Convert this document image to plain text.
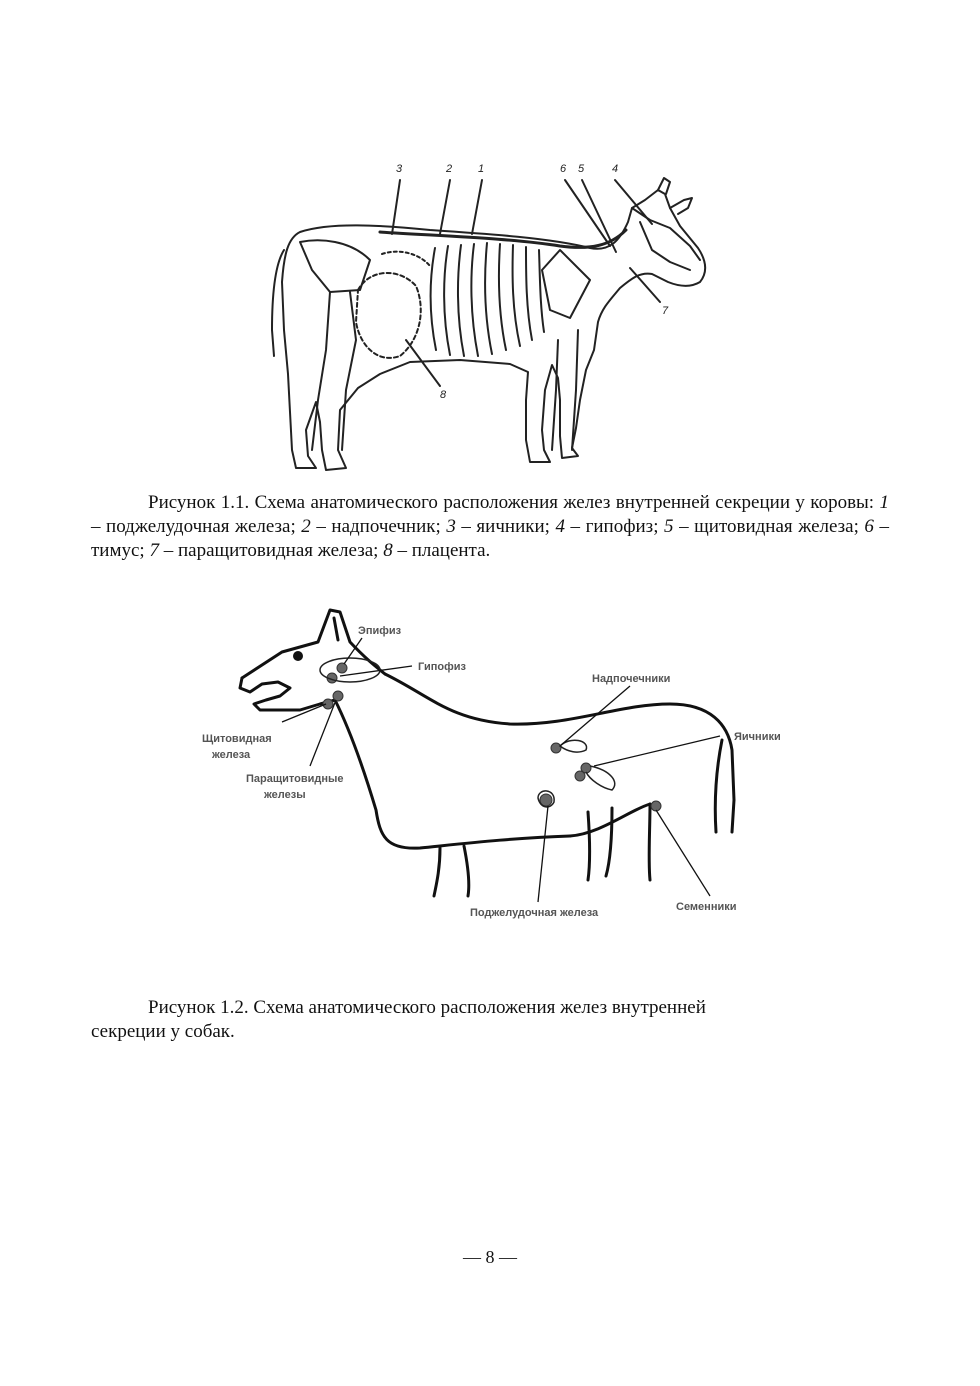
3	2 1	6 5	4
7
8

Рисунок 1.1. Схема анатомического расположения желез внутренней секреции у коровы: 1 – поджелудочная железа; 2 – надпочечник; 3 – яичники; 4 – гипофиз; 5 – щитовидная железа; 6 – тимус; 7 – паращитовидная железа; 8 – плацента.

Эпифиз
Гипофиз
Надпочечники
Щитовидная
железа
Яичники
Паращитовидные
железы
Поджелудочная железа	Семенники

Рисунок 1.2. Схема анатомического расположения желез внутренней
секреции у собак.

— 8 —
